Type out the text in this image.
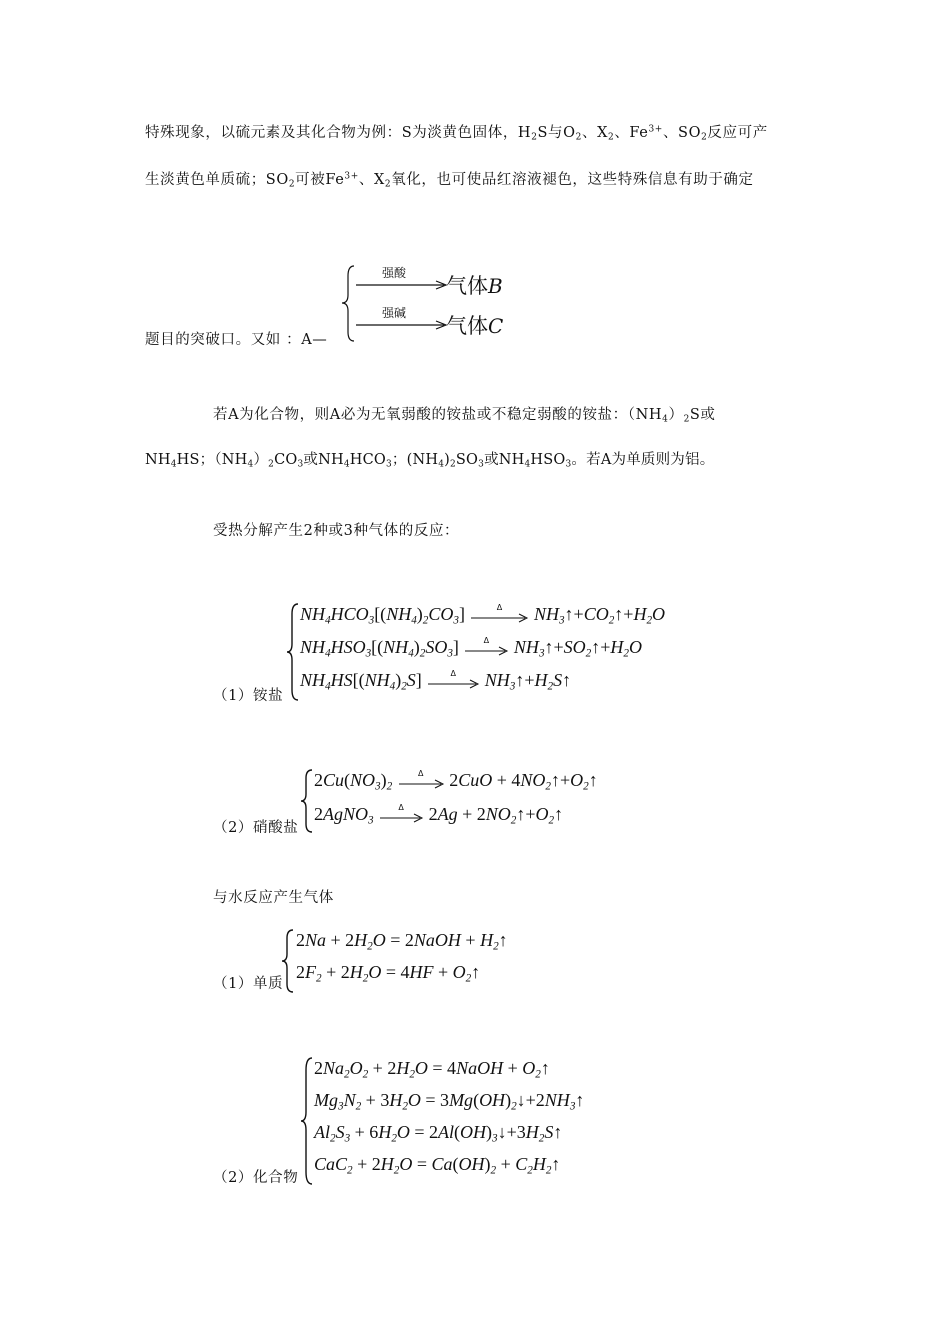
特殊现象，以硫元素及其化合物为例：S为淡黄色固体，$H_2S$与$O_2$、$X_2$、$Fe^{3+}$、$SO_2$反应可产
生淡黄色单质硫；$SO_2$可被$Fe^{3+}$、$X_2$氧化，也可使品红溶液褪色，这些特殊信息有助于确定
题目的突破口。又如 ：A—
强酸
气体B
强碱
气体C
若A为化合物，则A必为无氧弱酸的铵盐或不稳定弱酸的铵盐：$(NH_4)_2S$或
$NH_4HS$；$(NH_4)_2CO_3$或$NH_4HCO_3$；$(NH_4)_2SO_3$或$NH_4HSO_3$。若A为单质则为铝。
受热分解产生2种或3种气体的反应：
（1）铵盐
$NH_4HCO_3[(NH_4)_2CO_3]$	Δ	$NH_3↑+CO_2↑+H_2O$
$NH_4HSO_3[(NH_4)_2SO_3]$	Δ	$NH_3↑+SO_2↑+H_2O$
$NH_4HS[(NH_4)_2S]$	Δ	$NH_3↑+H_2S↑$
（2）硝酸盐
$2Cu(NO_3)_2$
Δ	$2CuO + 4NO_2↑+O_2↑$
2AgNO$_3$
Δ	$2Ag + 2NO_2↑+O_2↑$
与水反应产生气体
（1）单质
$2Na + 2H_2O$ = 2NaOH + $H_2↑$
$2F_2 + 2H_2O = 4HF$ + $O_2↑$
（2）化合物
$2Na_2O_2 + 2H_2O$ = 4NaOH + $O_2↑$
$Mg_3N_2 + 3H_2O$ = $3Mg(OH)_2↓+2NH_3↑$
$Al_2S_3 + 6H_2O$ = $2Al(OH)_3↓+3H_2S↑$
$CaC_2 + 2H_2O = Ca(OH)_2$ + $C_2H_2↑$
